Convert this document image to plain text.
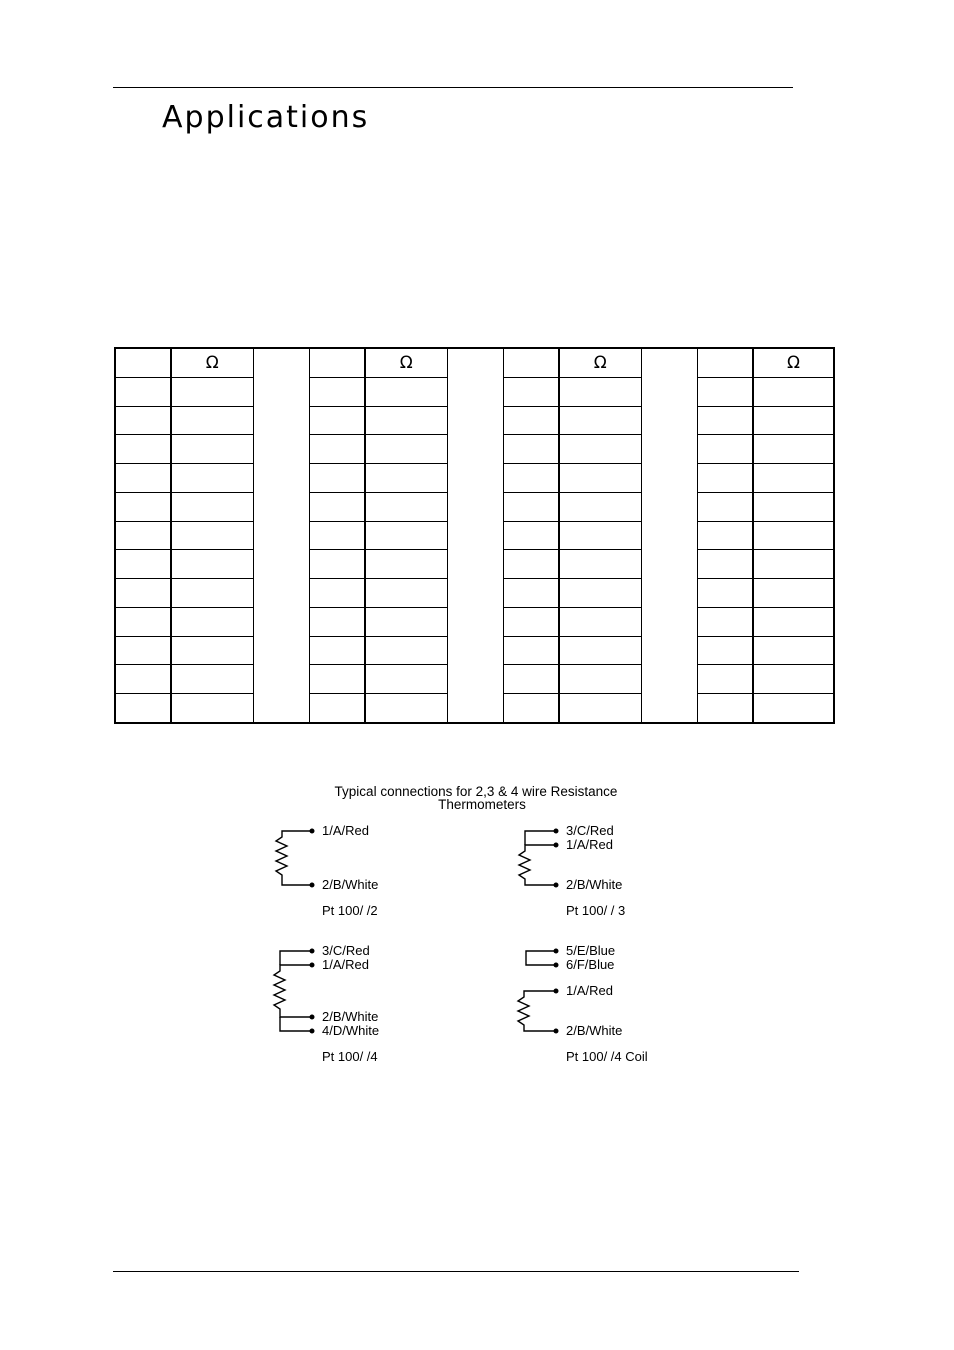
Applications
	Ω			Ω			Ω			Ω

Typical connections for 2,3 & 4 wire Resistance
Thermometers
1/A/Red
2/B/White
Pt 100/ /2
3/C/Red
1/A/Red
2/B/White
Pt 100/ / 3
3/C/Red
1/A/Red
2/B/White
4/D/White
Pt 100/ /4
5/E/Blue
6/F/Blue
1/A/Red
2/B/White
Pt 100/ /4 Coil
